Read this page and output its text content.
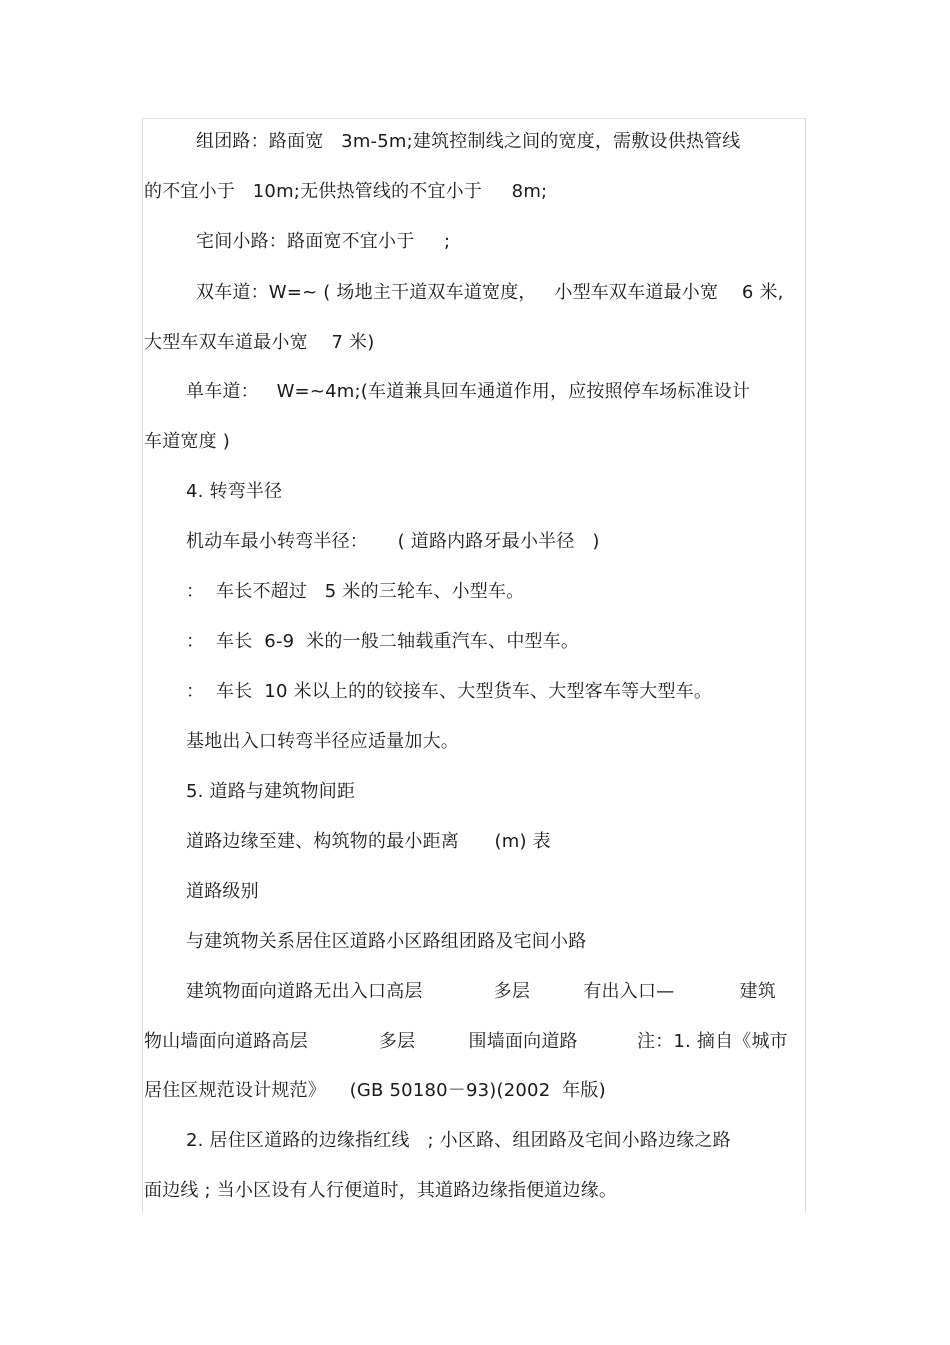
组团路：路面宽   3m-5m;建筑控制线之间的宽度，需敷设供热管线
的不宜小于   10m;无供热管线的不宜小于     8m;
宅间小路：路面宽不宜小于     ;
双车道：W=~ ( 场地主干道双车道宽度，   小型车双车道最小宽    6 米,
大型车双车道最小宽    7 米)
单车道：   W=~4m;(车道兼具回车通道作用，应按照停车场标准设计
车道宽度 )
4. 转弯半径
机动车最小转弯半径：     ( 道路内路牙最小半径   )
：  车长不超过   5 米的三轮车、小型车。
：  车长  6-9  米的一般二轴载重汽车、中型车。
：  车长  10 米以上的的铰接车、大型货车、大型客车等大型车。
基地出入口转弯半径应适量加大。
5. 道路与建筑物间距
道路边缘至建、构筑物的最小距离      (m) 表
道路级别
与建筑物关系居住区道路小区路组团路及宅间小路
建筑物面向道路无出入口高层            多层         有出入口—           建筑
物山墙面向道路高层            多层         围墙面向道路          注：1. 摘自《城市
居住区规范设计规范》    (GB 50180－93)(2002  年版)
2. 居住区道路的边缘指红线   ; 小区路、组团路及宅间小路边缘之路
面边线 ; 当小区设有人行便道时，其道路边缘指便道边缘。
